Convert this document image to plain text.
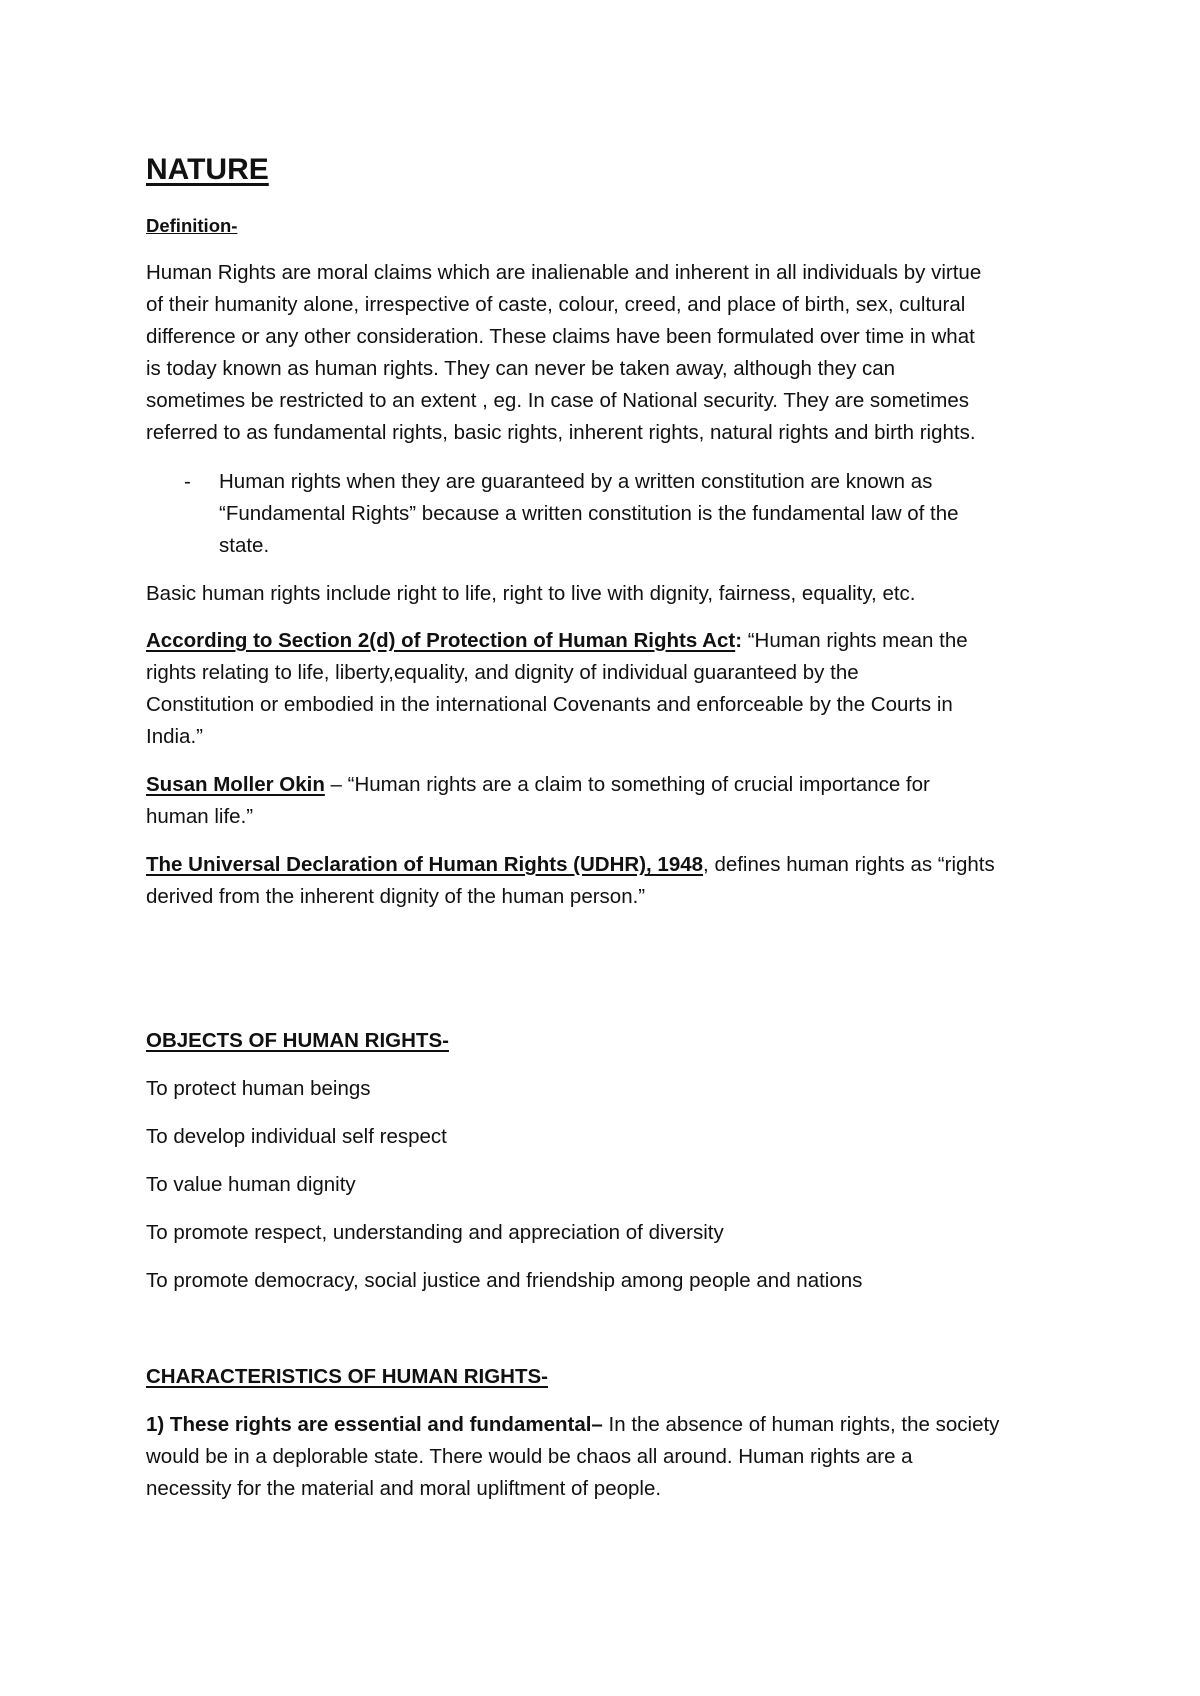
NATURE
Definition-
Human Rights are moral claims which are inalienable and inherent in all individuals by virtue
of their humanity alone, irrespective of caste, colour, creed, and place of birth, sex, cultural
difference or any other consideration. These claims have been formulated over time in what
is today known as human rights. They can never be taken away, although they can
sometimes be restricted to an extent , eg. In case of National security. They are sometimes
referred to as fundamental rights, basic rights, inherent rights, natural rights and birth rights.
- Human rights when they are guaranteed by a written constitution are known as
“Fundamental Rights” because a written constitution is the fundamental law of the
state.
Basic human rights include right to life, right to live with dignity, fairness, equality, etc.
According to Section 2(d) of Protection of Human Rights Act: “Human rights mean the
rights relating to life, liberty,equality, and dignity of individual guaranteed by the
Constitution or embodied in the international Covenants and enforceable by the Courts in
India.”
Susan Moller Okin – “Human rights are a claim to something of crucial importance for
human life.”
The Universal Declaration of Human Rights (UDHR), 1948, defines human rights as “rights
derived from the inherent dignity of the human person.”
OBJECTS OF HUMAN RIGHTS-
To protect human beings
To develop individual self respect
To value human dignity
To promote respect, understanding and appreciation of diversity
To promote democracy, social justice and friendship among people and nations
CHARACTERISTICS OF HUMAN RIGHTS-
1) These rights are essential and fundamental– In the absence of human rights, the society
would be in a deplorable state. There would be chaos all around. Human rights are a
necessity for the material and moral upliftment of people.
